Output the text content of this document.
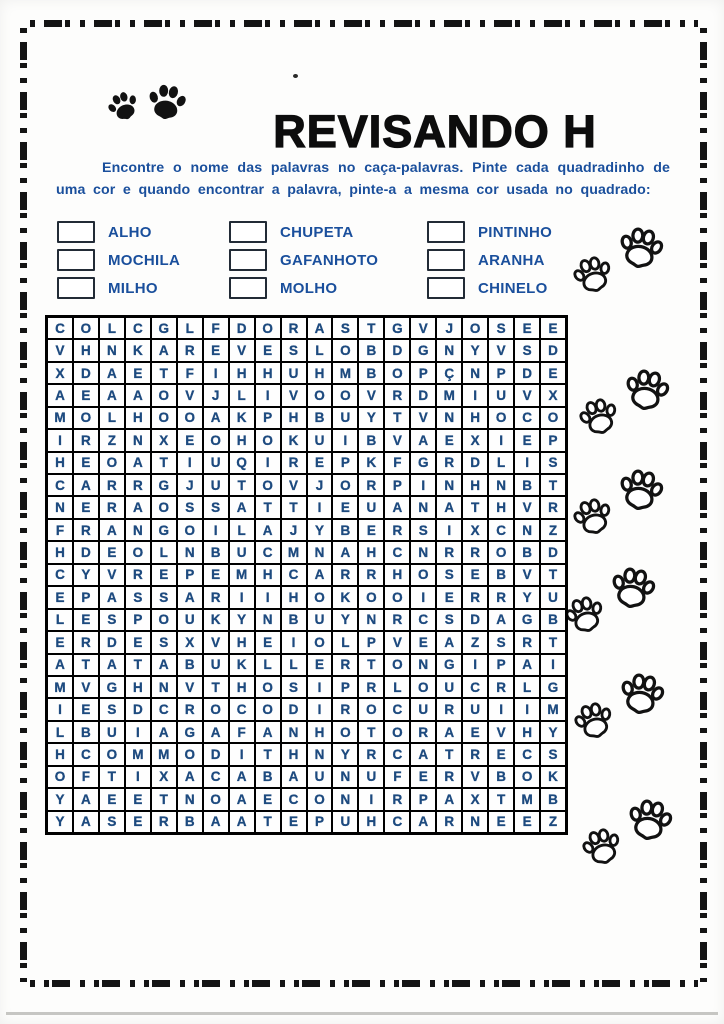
REVISANDO H

Encontre o nome das palavras no caça-palavras. Pinte cada quadradinho de uma cor e quando encontrar a palavra, pinte-a a mesma cor usada no quadrado:

ALHO
MOCHILA
MILHO
CHUPETA
GAFANHOTO
MOLHO
PINTINHO
ARANHA
CHINELO
C	O	L	C	G	L	F	D	O	R	A	S	T	G	V	J	O	S	E	E
V	H	N	K	A	R	E	V	E	S	L	O	B	D	G	N	Y	V	S	D
X	D	A	E	T	F	I	H	H	U	H	M	B	O	P	Ç	N	P	D	E
A	E	A	A	O	V	J	L	I	V	O	O	V	R	D	M	I	U	V	X
M	O	L	H	O	O	A	K	P	H	B	U	Y	T	V	N	H	O	C	O
I	R	Z	N	X	E	O	H	O	K	U	I	B	V	A	E	X	I	E	P
H	E	O	A	T	I	U	Q	I	R	E	P	K	F	G	R	D	L	I	S
C	A	R	R	G	J	U	T	O	V	J	O	R	P	I	N	H	N	B	T
N	E	R	A	O	S	S	A	T	T	I	E	U	A	N	A	T	H	V	R
F	R	A	N	G	O	I	L	A	J	Y	B	E	R	S	I	X	C	N	Z
H	D	E	O	L	N	B	U	C	M	N	A	H	C	N	R	R	O	B	D
C	Y	V	R	E	P	E	M	H	C	A	R	R	H	O	S	E	B	V	T
E	P	A	S	S	A	R	I	I	H	O	K	O	O	I	E	R	R	Y	U
L	E	S	P	O	U	K	Y	N	B	U	Y	N	R	C	S	D	A	G	B
E	R	D	E	S	X	V	H	E	I	O	L	P	V	E	A	Z	S	R	T
A	T	A	T	A	B	U	K	L	L	E	R	T	O	N	G	I	P	A	I
M	V	G	H	N	V	T	H	O	S	I	P	R	L	O	U	C	R	L	G
I	E	S	D	C	R	O	C	O	D	I	R	O	C	U	R	U	I	I	M
L	B	U	I	A	G	A	F	A	N	H	O	T	O	R	A	E	V	H	Y
H	C	O	M	M	O	D	I	T	H	N	Y	R	C	A	T	R	E	C	S
O	F	T	I	X	A	C	A	B	A	U	N	U	F	E	R	V	B	O	K
Y	A	E	E	T	N	O	A	E	C	O	N	I	R	P	A	X	T	M	B
Y	A	S	E	R	B	A	A	T	E	P	U	H	C	A	R	N	E	E	Z
